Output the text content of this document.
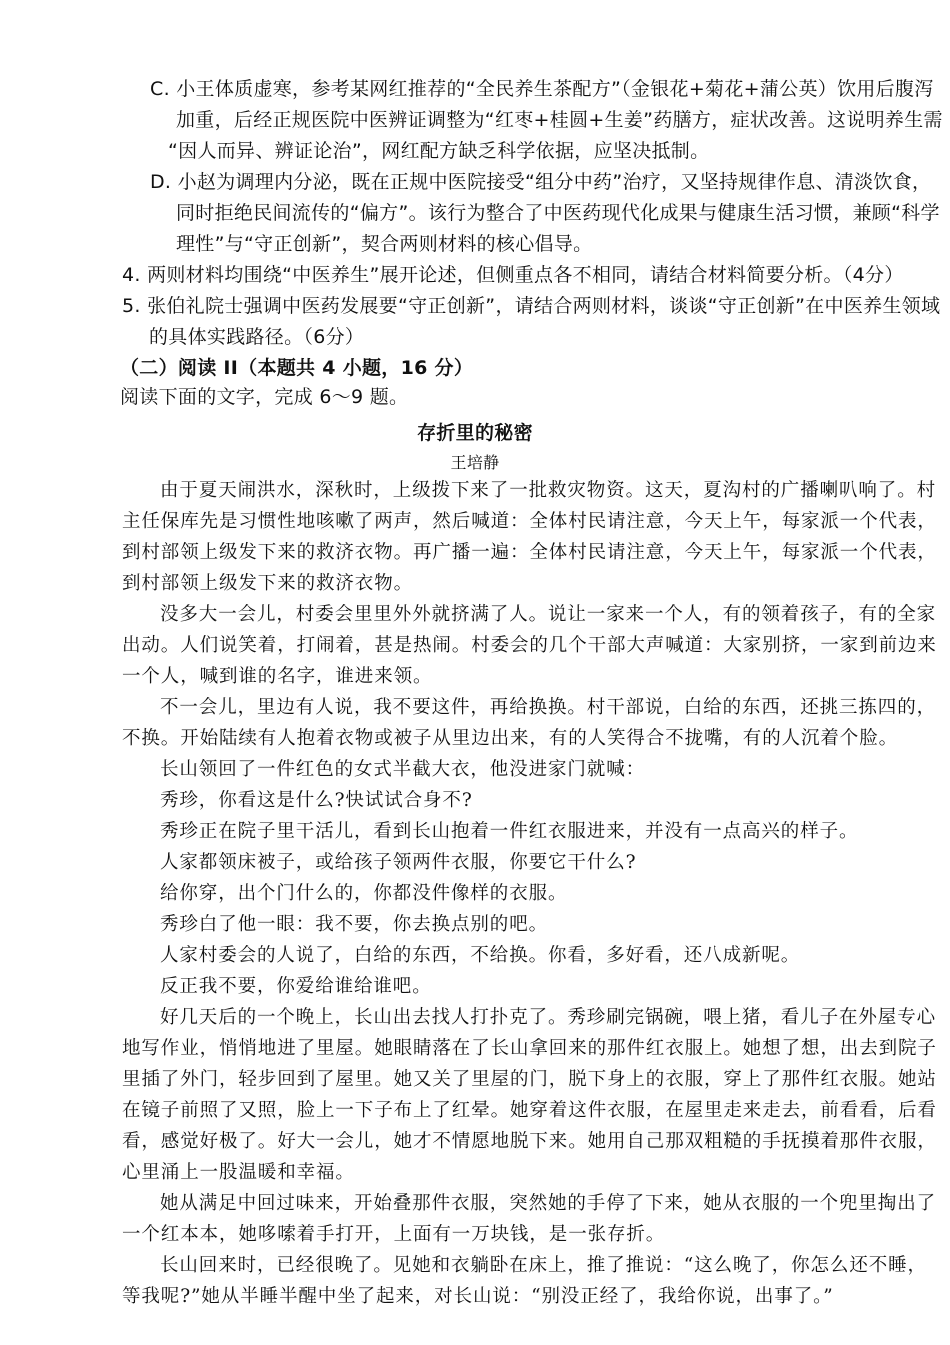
C. 小王体质虚寒，参考某网红推荐的“全民养生茶配方”（金银花+菊花+蒲公英）饮用后腹泻
加重，后经正规医院中医辨证调整为“红枣+桂圆+生姜”药膳方，症状改善。这说明养生需
“因人而异、辨证论治”，网红配方缺乏科学依据，应坚决抵制。
D. 小赵为调理内分泌，既在正规中医院接受“组分中药”治疗，又坚持规律作息、清淡饮食，
同时拒绝民间流传的“偏方”。该行为整合了中医药现代化成果与健康生活习惯，兼顾“科学
理性”与“守正创新”，契合两则材料的核心倡导。
4. 两则材料均围绕“中医养生”展开论述，但侧重点各不相同，请结合材料简要分析。（4分）
5. 张伯礼院士强调中医药发展要“守正创新”，请结合两则材料，谈谈“守正创新”在中医养生领域
的具体实践路径。（6分）
（二）阅读 II（本题共 4 小题，16 分）
阅读下面的文字，完成 6～9 题。
存折里的秘密
王培静
由于夏天闹洪水，深秋时，上级拨下来了一批救灾物资。这天，夏沟村的广播喇叭响了。村
主任保库先是习惯性地咳嗽了两声，然后喊道：全体村民请注意，今天上午，每家派一个代表，
到村部领上级发下来的救济衣物。再广播一遍：全体村民请注意，今天上午，每家派一个代表，
到村部领上级发下来的救济衣物。
没多大一会儿，村委会里里外外就挤满了人。说让一家来一个人，有的领着孩子，有的全家
出动。人们说笑着，打闹着，甚是热闹。村委会的几个干部大声喊道：大家别挤，一家到前边来
一个人，喊到谁的名字，谁进来领。
不一会儿，里边有人说，我不要这件，再给换换。村干部说，白给的东西，还挑三拣四的，
不换。开始陆续有人抱着衣物或被子从里边出来，有的人笑得合不拢嘴，有的人沉着个脸。
长山领回了一件红色的女式半截大衣，他没进家门就喊：
秀珍，你看这是什么?快试试合身不?
秀珍正在院子里干活儿，看到长山抱着一件红衣服进来，并没有一点高兴的样子。
人家都领床被子，或给孩子领两件衣服，你要它干什么?
给你穿，出个门什么的，你都没件像样的衣服。
秀珍白了他一眼：我不要，你去换点别的吧。
人家村委会的人说了，白给的东西，不给换。你看，多好看，还八成新呢。
反正我不要，你爱给谁给谁吧。
好几天后的一个晚上，长山出去找人打扑克了。秀珍刷完锅碗，喂上猪，看儿子在外屋专心
地写作业，悄悄地进了里屋。她眼睛落在了长山拿回来的那件红衣服上。她想了想，出去到院子
里插了外门，轻步回到了屋里。她又关了里屋的门，脱下身上的衣服，穿上了那件红衣服。她站
在镜子前照了又照，脸上一下子布上了红晕。她穿着这件衣服，在屋里走来走去，前看看，后看
看，感觉好极了。好大一会儿，她才不情愿地脱下来。她用自己那双粗糙的手抚摸着那件衣服，
心里涌上一股温暖和幸福。
她从满足中回过味来，开始叠那件衣服，突然她的手停了下来，她从衣服的一个兜里掏出了
一个红本本，她哆嗦着手打开，上面有一万块钱，是一张存折。
长山回来时，已经很晚了。见她和衣躺卧在床上，推了推说：“这么晚了，你怎么还不睡，
等我呢?”她从半睡半醒中坐了起来，对长山说：“别没正经了，我给你说，出事了。”
